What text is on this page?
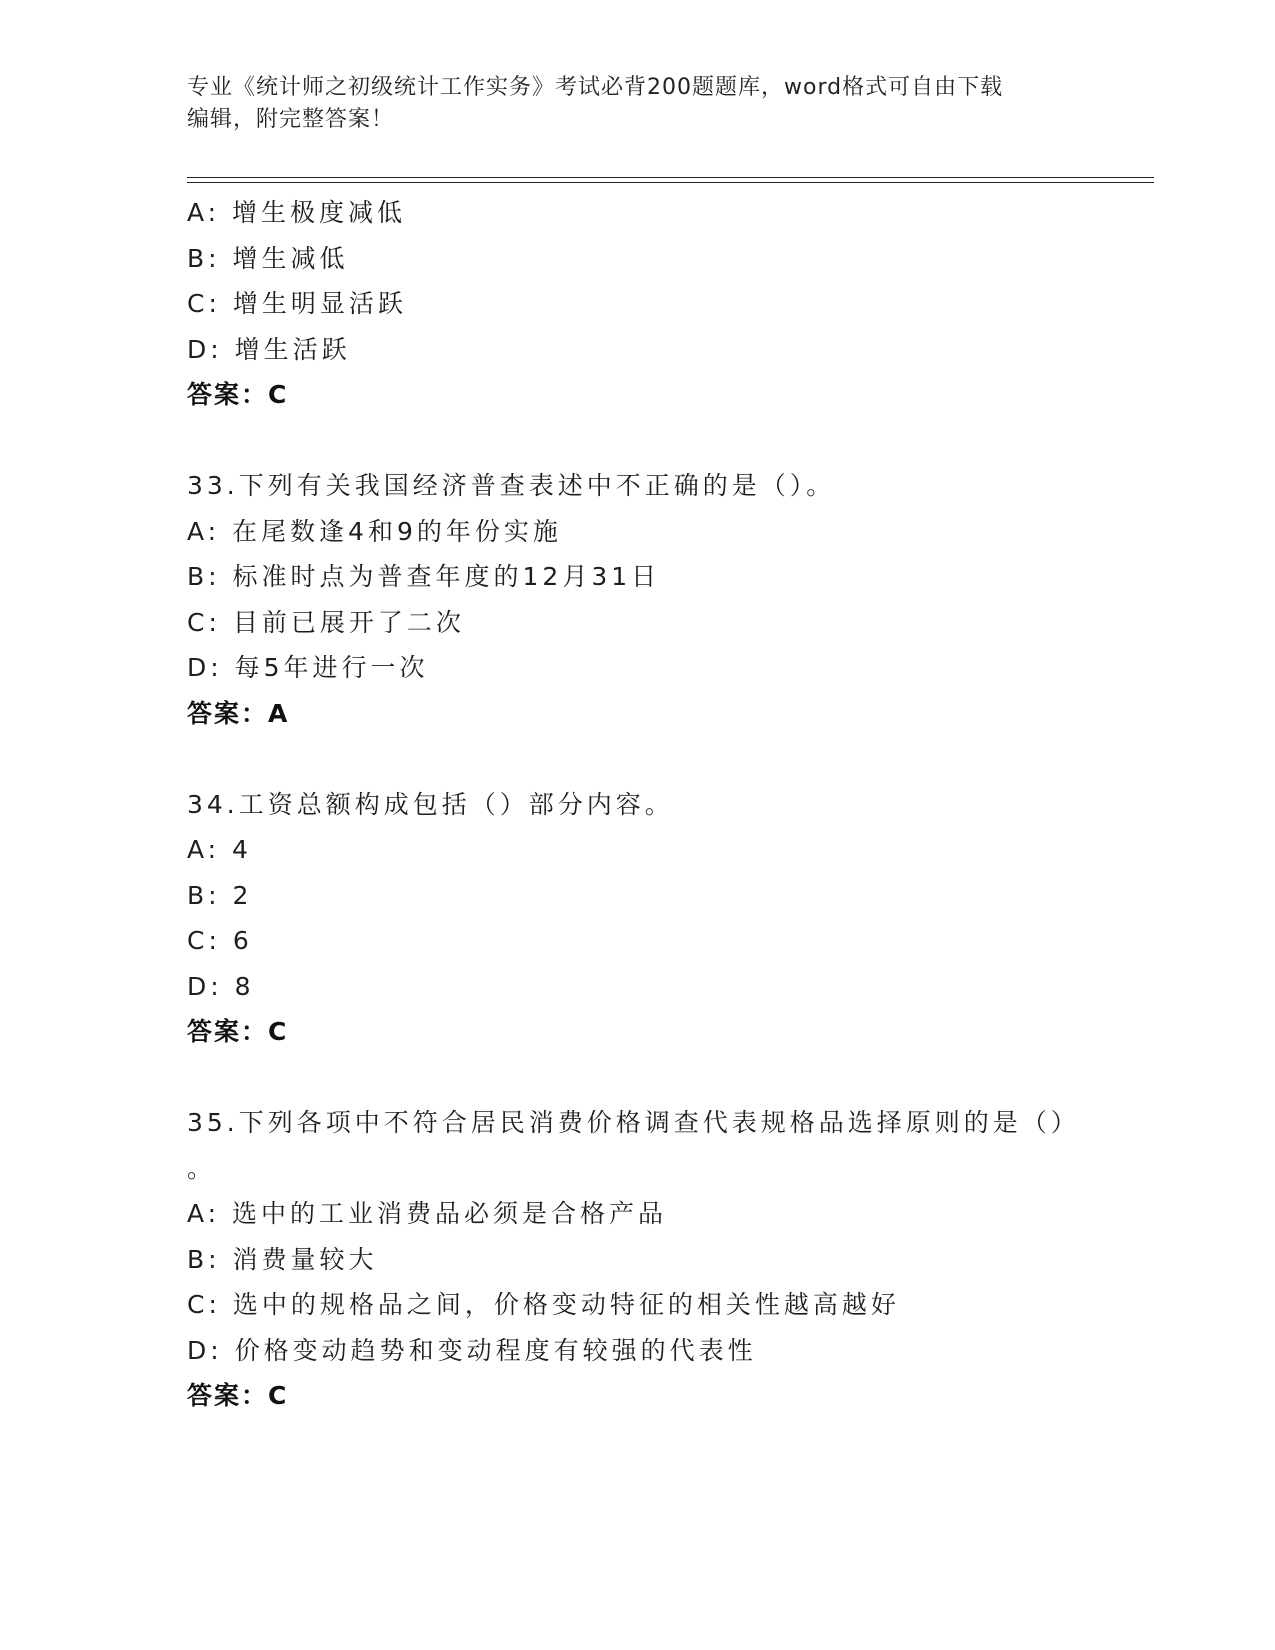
专业《统计师之初级统计工作实务》考试必背200题题库，word格式可自由下载
编辑，附完整答案！
A: 增生极度减低
B: 增生减低
C: 增生明显活跃
D: 增生活跃
答案：C
33.下列有关我国经济普查表述中不正确的是（）。
A: 在尾数逢4和9的年份实施
B: 标准时点为普查年度的12月31日
C: 目前已展开了二次
D: 每5年进行一次
答案：A
34.工资总额构成包括（）部分内容。
A: 4
B: 2
C: 6
D: 8
答案：C
35.下列各项中不符合居民消费价格调查代表规格品选择原则的是（）
。
A: 选中的工业消费品必须是合格产品
B: 消费量较大
C: 选中的规格品之间，价格变动特征的相关性越高越好
D: 价格变动趋势和变动程度有较强的代表性
答案：C
